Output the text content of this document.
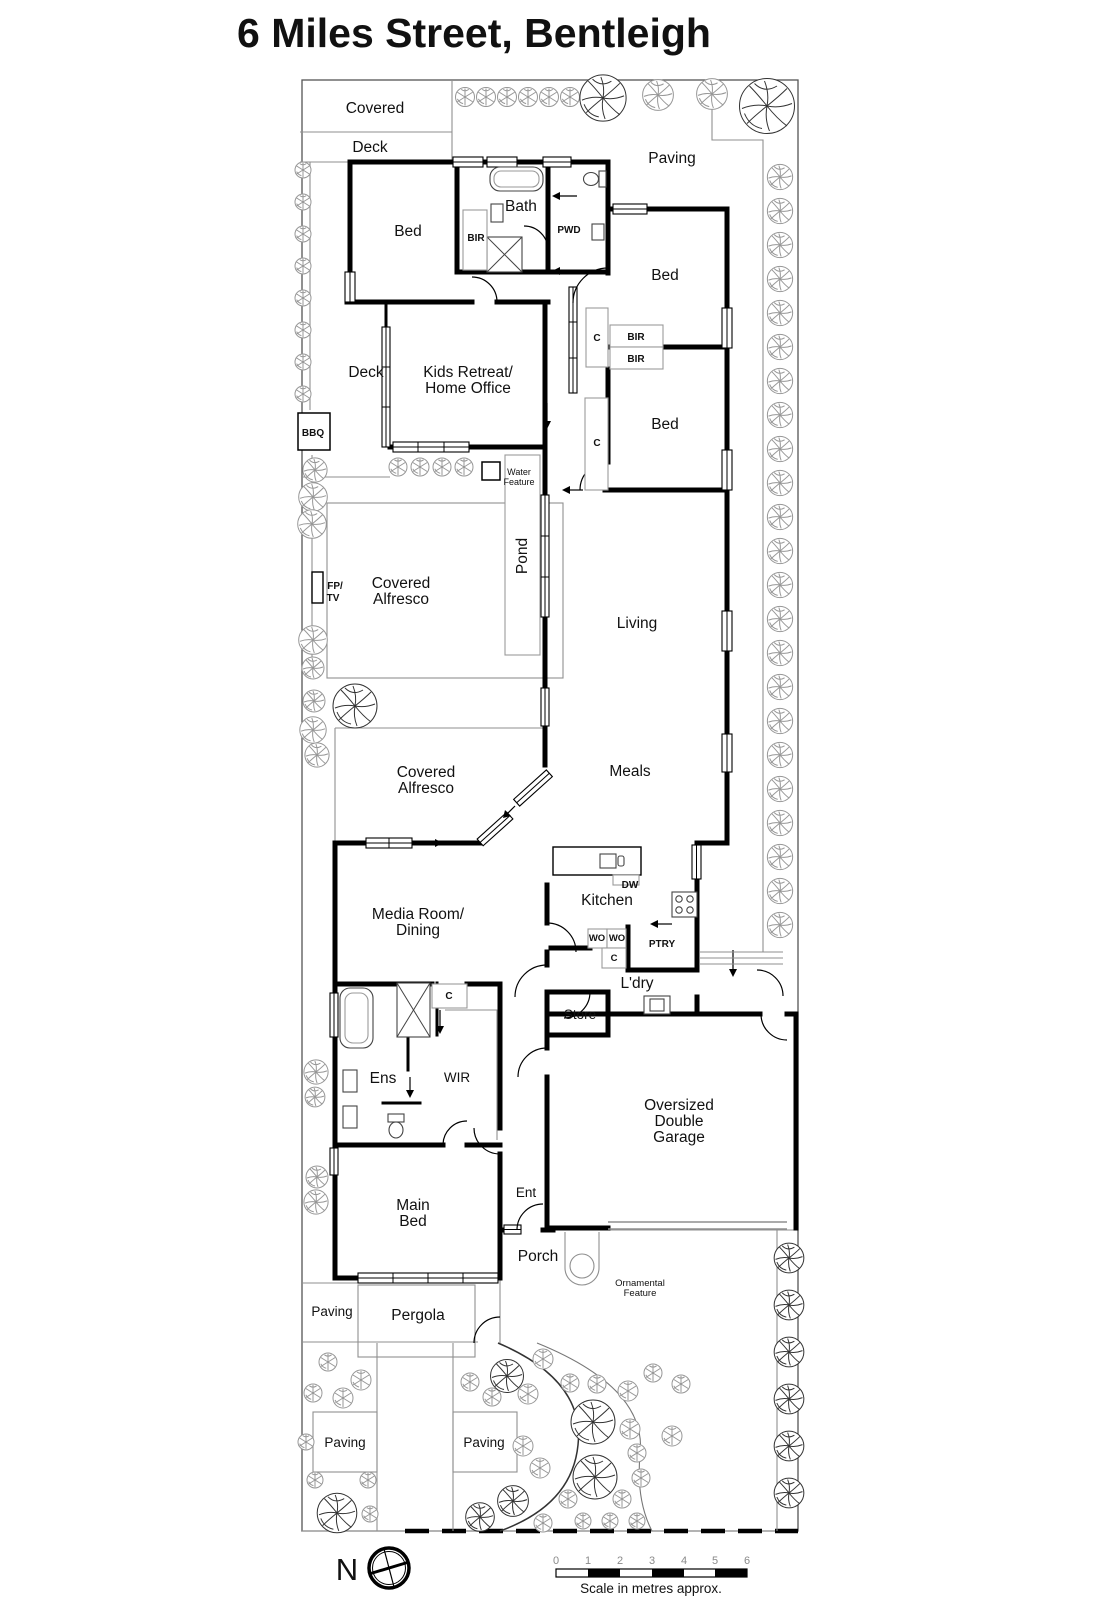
6 Miles Street, Bentleigh
Covered
Deck
Paving
Bed
Bath
BIR
PWD
Bed
C	BIR
BIR
Deck	Kids Retreat/
Home Office
Bed
BBQ
C
Water
Feature
Pond
FP/
TV
Covered
Alfresco
Living
Covered
Alfresco
Meals
DW
Kitchen
WO WO
PTRY
C
Media Room/
Dining
L'dry
C
Store
Ens	WIR
Oversized
Double
Garage
Main
Bed
Ent
Porch
Ornamental
Feature
Paving Pergola
Paving	Paving
N	0 1 2 3 4 5 6
Scale in metres approx.
